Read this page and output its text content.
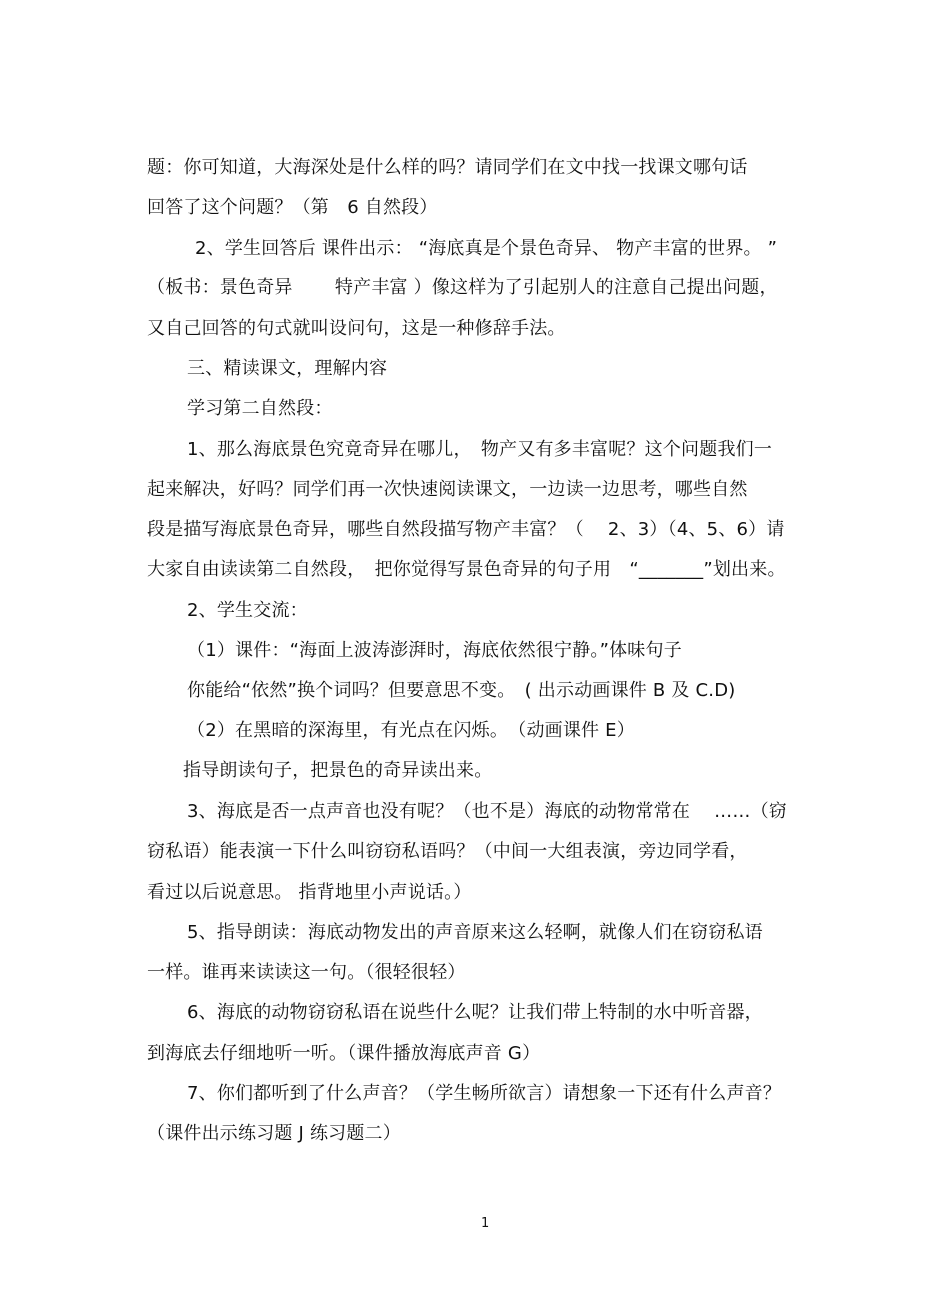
题：你可知道，大海深处是什么样的吗？请同学们在文中找一找课文哪句话
回答了这个问题？（第　6 自然段）
2、学生回答后 课件出示： “海底真是个景色奇异、 物产丰富的世界。 ”
（板书：景色奇异　　 特产丰富 ）像这样为了引起别人的注意自己提出问题，
又自己回答的句式就叫设问句，这是一种修辞手法。
三、精读课文，理解内容
学习第二自然段：
1、那么海底景色究竟奇异在哪儿，　物产又有多丰富呢？这个问题我们一
起来解决，好吗？同学们再一次快速阅读课文，一边读一边思考，哪些自然
段是描写海底景色奇异，哪些自然段描写物产丰富？（　 2、3）（4、5、6）请
大家自由读读第二自然段，　把你觉得写景色奇异的句子用　“_______”划出来。
2、学生交流：
（1）课件：“海面上波涛澎湃时，海底依然很宁静。”体味句子
你能给“依然”换个词吗？但要意思不变。　( 出示动画课件 B 及 C.D)
（2）在黑暗的深海里，有光点在闪烁。　（动画课件 E）
指导朗读句子，把景色的奇异读出来。
3、海底是否一点声音也没有呢？（也不是）海底的动物常常在　 ……（窃
窃私语）能表演一下什么叫窃窃私语吗？（中间一大组表演，旁边同学看，
看过以后说意思。 指背地里小声说话。）
5、指导朗读：海底动物发出的声音原来这么轻啊，就像人们在窃窃私语
一样。谁再来读读这一句。（很轻很轻）
6、海底的动物窃窃私语在说些什么呢？让我们带上特制的水中听音器，
到海底去仔细地听一听。（课件播放海底声音 G）
7、你们都听到了什么声音？（学生畅所欲言）请想象一下还有什么声音？
（课件出示练习题 J 练习题二）
1
